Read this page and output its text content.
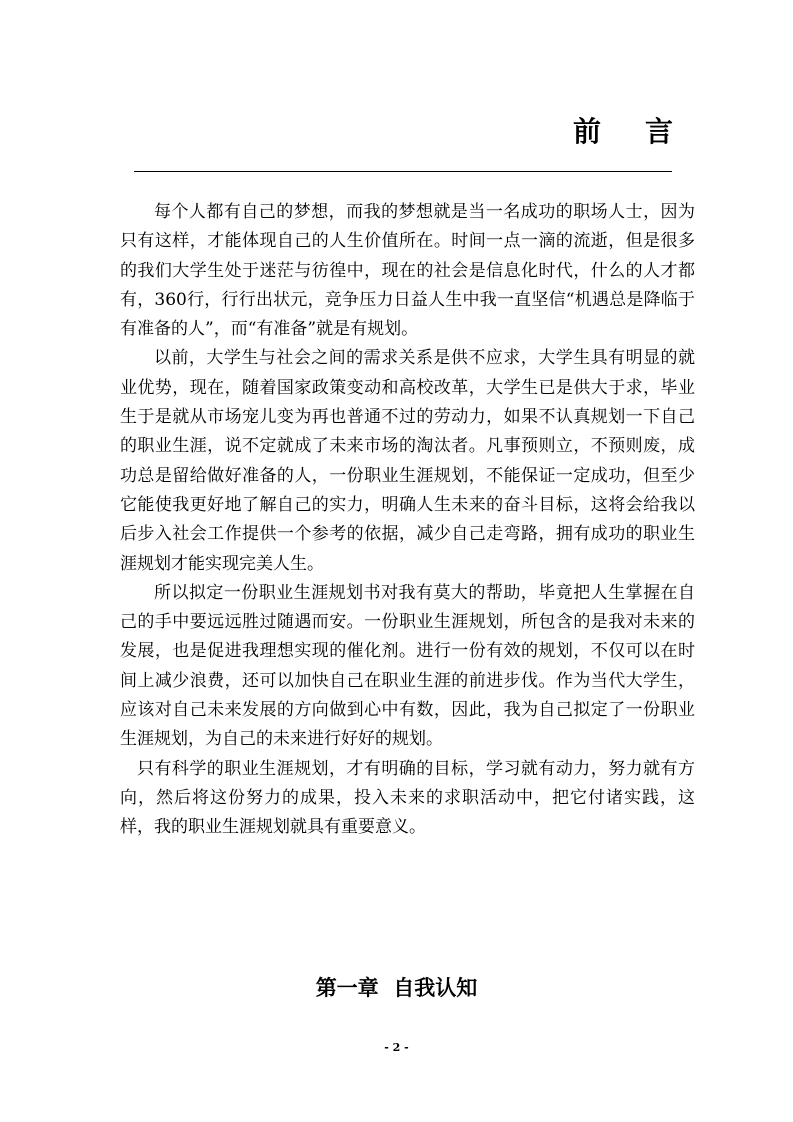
前言

每个人都有自己的梦想，而我的梦想就是当一名成功的职场人士，因为只有这样，才能体现自己的人生价值所在。时间一点一滴的流逝，但是很多的我们大学生处于迷茫与彷徨中，现在的社会是信息化时代，什么的人才都有，360行，行行出状元，竞争压力日益人生中我一直坚信“机遇总是降临于有准备的人”，而“有准备”就是有规划。

以前，大学生与社会之间的需求关系是供不应求，大学生具有明显的就业优势，现在，随着国家政策变动和高校改革，大学生已是供大于求，毕业生于是就从市场宠儿变为再也普通不过的劳动力，如果不认真规划一下自己的职业生涯，说不定就成了未来市场的淘汰者。凡事预则立，不预则废，成功总是留给做好准备的人，一份职业生涯规划，不能保证一定成功，但至少它能使我更好地了解自己的实力，明确人生未来的奋斗目标，这将会给我以后步入社会工作提供一个参考的依据，减少自己走弯路，拥有成功的职业生涯规划才能实现完美人生。

所以拟定一份职业生涯规划书对我有莫大的帮助，毕竟把人生掌握在自己的手中要远远胜过随遇而安。一份职业生涯规划，所包含的是我对未来的发展，也是促进我理想实现的催化剂。进行一份有效的规划，不仅可以在时间上减少浪费，还可以加快自己在职业生涯的前进步伐。作为当代大学生，应该对自己未来发展的方向做到心中有数，因此，我为自己拟定了一份职业生涯规划，为自己的未来进行好好的规划。

只有科学的职业生涯规划，才有明确的目标，学习就有动力，努力就有方向，然后将这份努力的成果，投入未来的求职活动中，把它付诸实践，这样，我的职业生涯规划就具有重要意义。

第一章  自我认知
- 2 -
